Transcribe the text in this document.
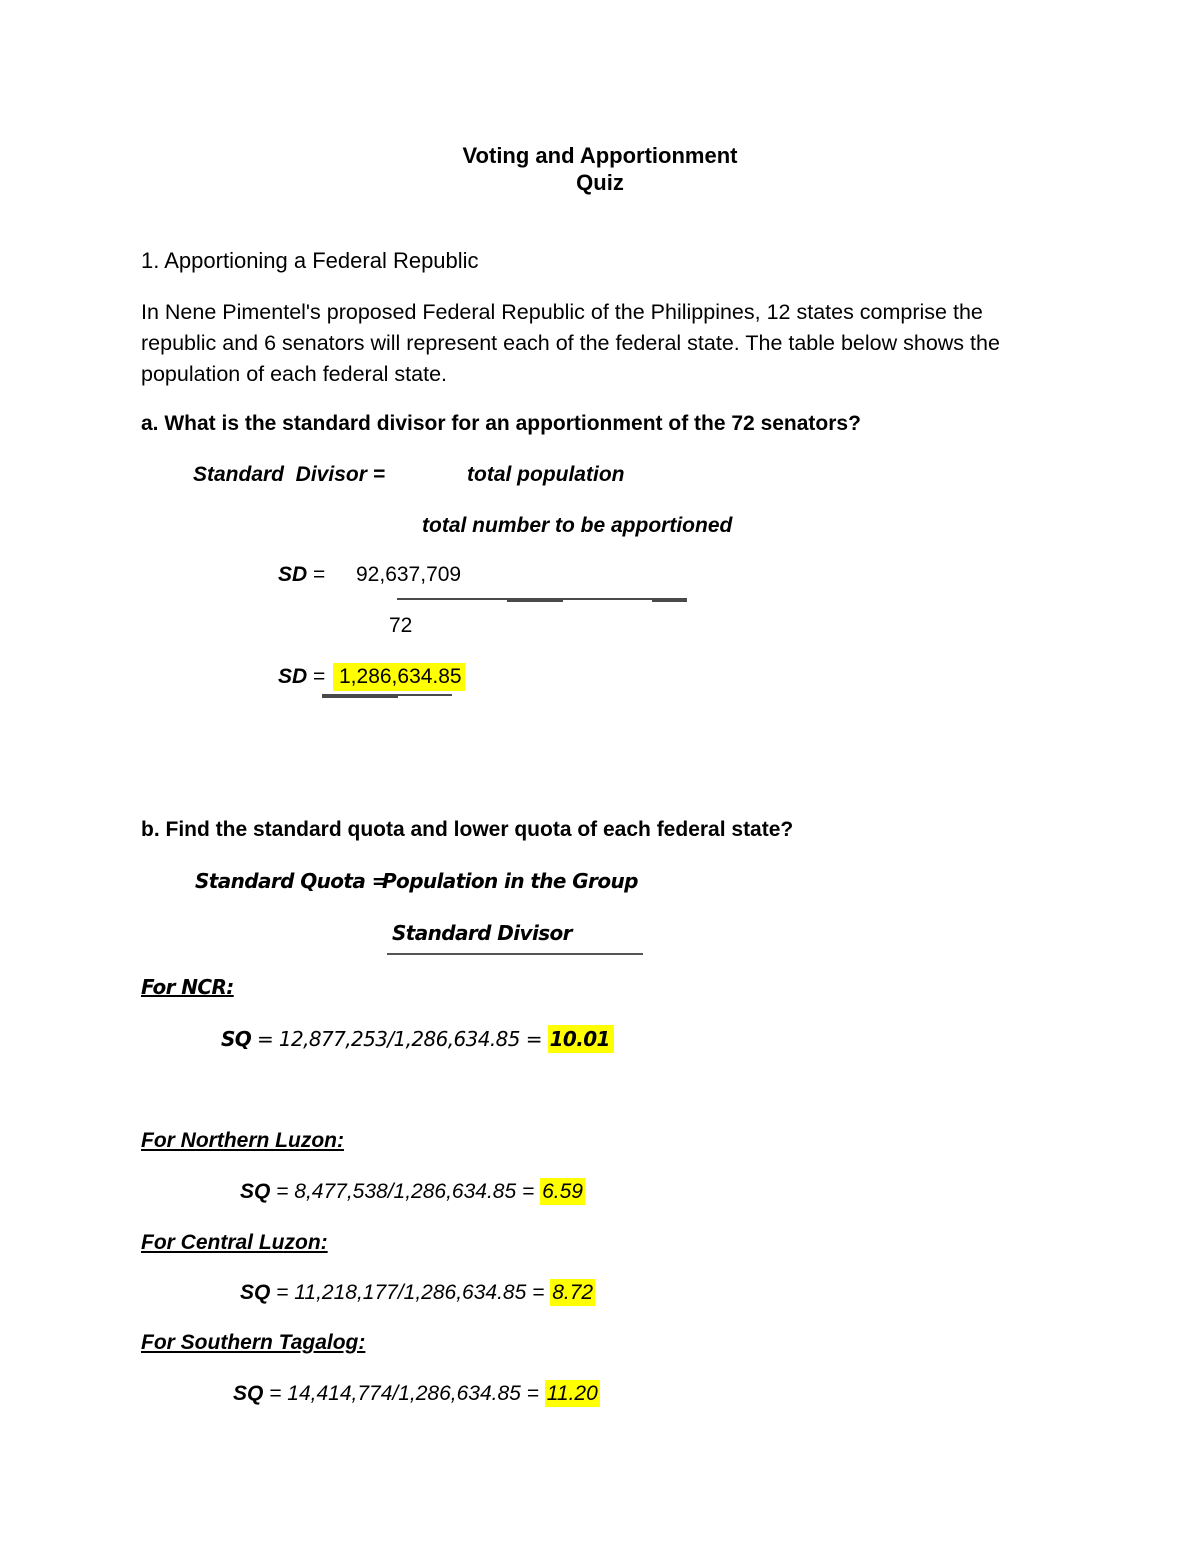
Voting and Apportionment
Quiz
1. Apportioning a Federal Republic
In Nene Pimentel's proposed Federal Republic of the Philippines, 12 states comprise the republic and 6 senators will represent each of the federal state. The table below shows the population of each federal state.
a. What is the standard divisor for an apportionment of the 72 senators?
Standard  Divisor =	total population
total number to be apportioned
SD = 92,637,709
72
SD = 1,286,634.85
b. Find the standard quota and lower quota of each federal state?
Standard Quota =
Population in the Group
Standard Divisor
For NCR:
SQ = 12,877,253/1,286,634.85 = 10.01
For Northern Luzon:
SQ = 8,477,538/1,286,634.85 = 6.59
For Central Luzon:
SQ = 11,218,177/1,286,634.85 = 8.72
For Southern Tagalog:
SQ = 14,414,774/1,286,634.85 = 11.20
